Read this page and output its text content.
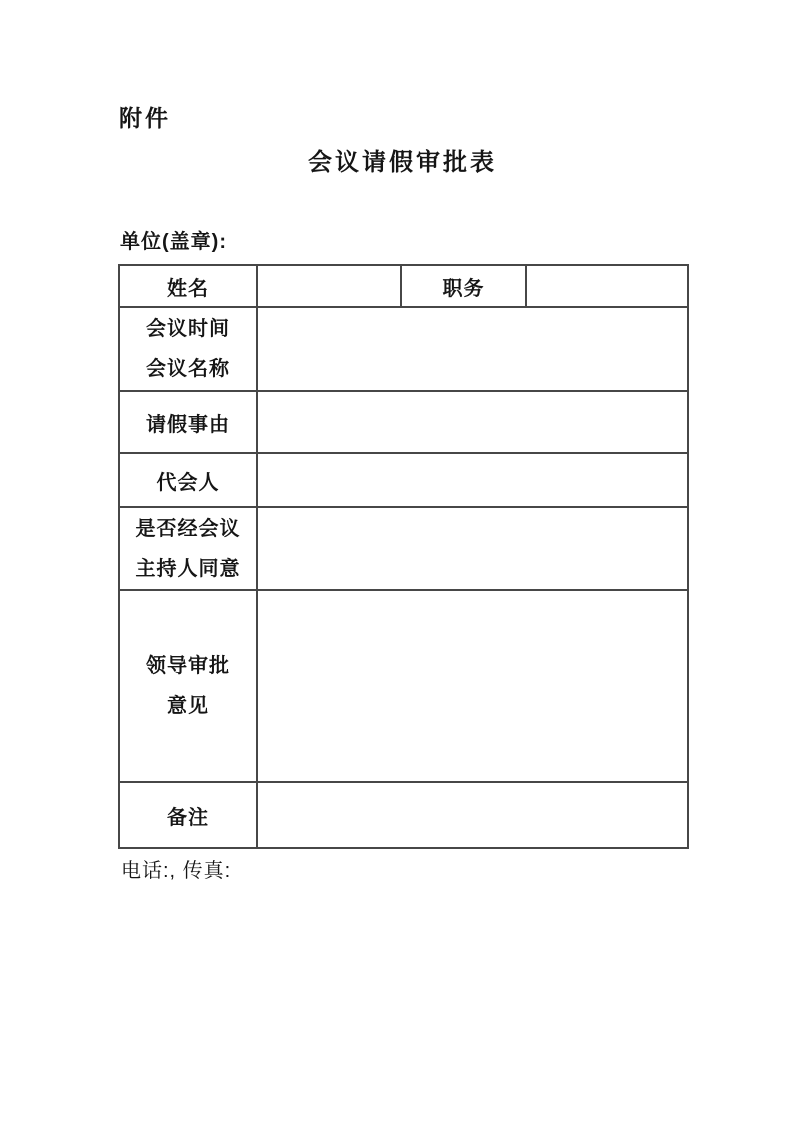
附件
会议请假审批表
单位(盖章):
姓名		职务	

会议时间
会议名称			

请假事由			
代会人			

是否经会议
主持人同意			

领导审批
意见			

备注			
电话:, 传真:
